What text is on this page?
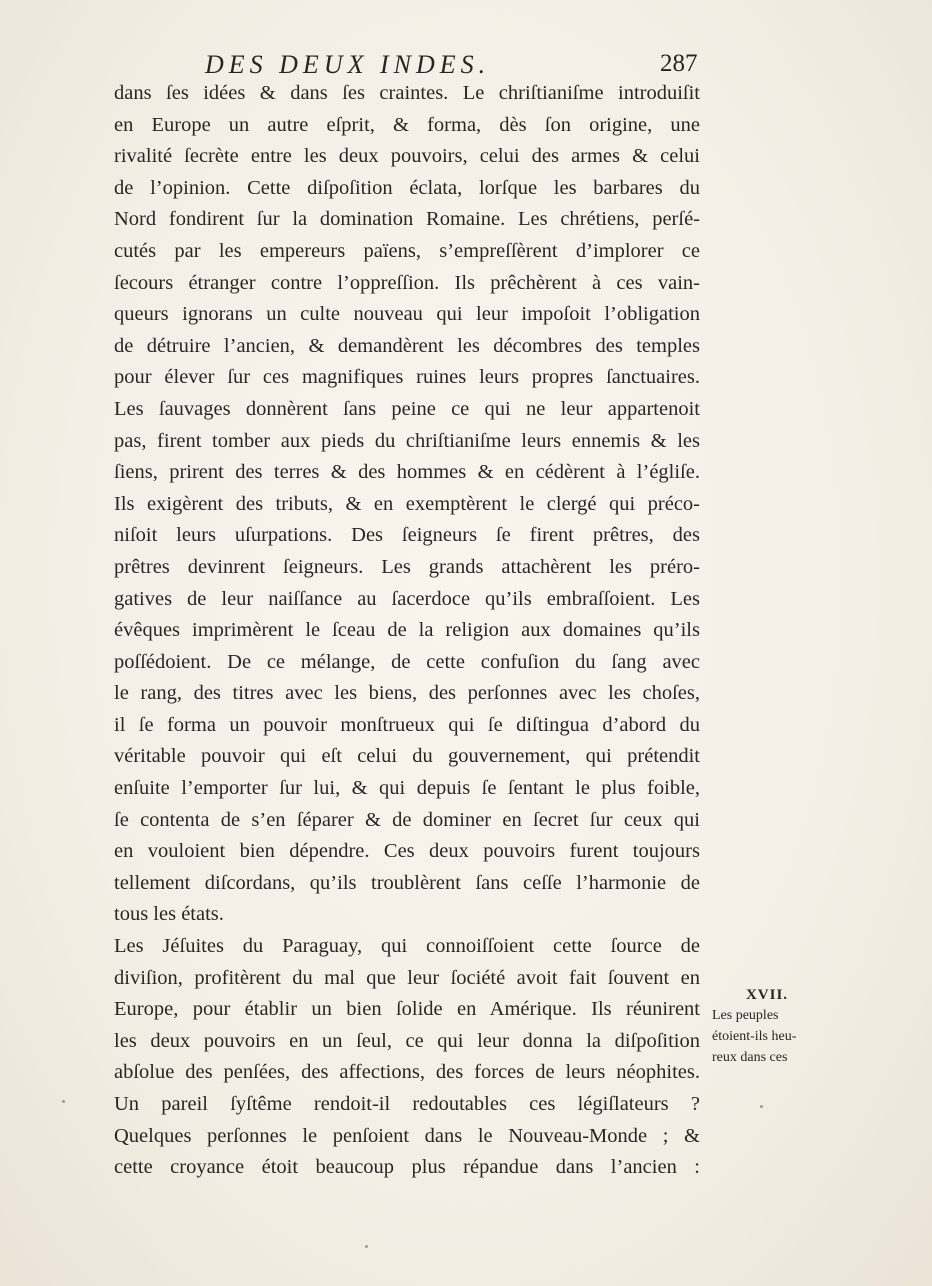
DES DEUX INDES.	287
dans ſes idées & dans ſes craintes. Le chriſtianiſme introduiſit
en Europe un autre eſprit, & forma, dès ſon origine, une
rivalité ſecrète entre les deux pouvoirs, celui des armes & celui
de l’opinion. Cette diſpoſition éclata, lorſque les barbares du
Nord fondirent ſur la domination Romaine. Les chrétiens, perſé-
cutés par les empereurs païens, s’empreſſèrent d’implorer ce
ſecours étranger contre l’oppreſſion. Ils prêchèrent à ces vain-
queurs ignorans un culte nouveau qui leur impoſoit l’obligation
de détruire l’ancien, & demandèrent les décombres des temples
pour élever ſur ces magnifiques ruines leurs propres ſanctuaires.
Les ſauvages donnèrent ſans peine ce qui ne leur appartenoit
pas, firent tomber aux pieds du chriſtianiſme leurs ennemis & les
ſiens, prirent des terres & des hommes & en cédèrent à l’égliſe.
Ils exigèrent des tributs, & en exemptèrent le clergé qui préco-
niſoit leurs uſurpations. Des ſeigneurs ſe firent prêtres, des
prêtres devinrent ſeigneurs. Les grands attachèrent les préro-
gatives de leur naiſſance au ſacerdoce qu’ils embraſſoient. Les
évêques imprimèrent le ſceau de la religion aux domaines qu’ils
poſſédoient. De ce mélange, de cette confuſion du ſang avec
le rang, des titres avec les biens, des perſonnes avec les choſes,
il ſe forma un pouvoir monſtrueux qui ſe diſtingua d’abord du
véritable pouvoir qui eſt celui du gouvernement, qui prétendit
enſuite l’emporter ſur lui, & qui depuis ſe ſentant le plus foible,
ſe contenta de s’en ſéparer & de dominer en ſecret ſur ceux qui
en vouloient bien dépendre. Ces deux pouvoirs furent toujours
tellement diſcordans, qu’ils troublèrent ſans ceſſe l’harmonie de
tous les états.
Les Jéſuites du Paraguay, qui connoiſſoient cette ſource de
diviſion, profitèrent du mal que leur ſociété avoit fait ſouvent en
Europe, pour établir un bien ſolide en Amérique. Ils réunirent
les deux pouvoirs en un ſeul, ce qui leur donna la diſpoſition
abſolue des penſées, des affections, des forces de leurs néophites.
Un pareil ſyſtême rendoit-il redoutables ces légiſlateurs ?
Quelques perſonnes le penſoient dans le Nouveau-Monde ; &
cette croyance étoit beaucoup plus répandue dans l’ancien :
XVII.
Les peuples
étoient-ils heu-
reux dans ces
